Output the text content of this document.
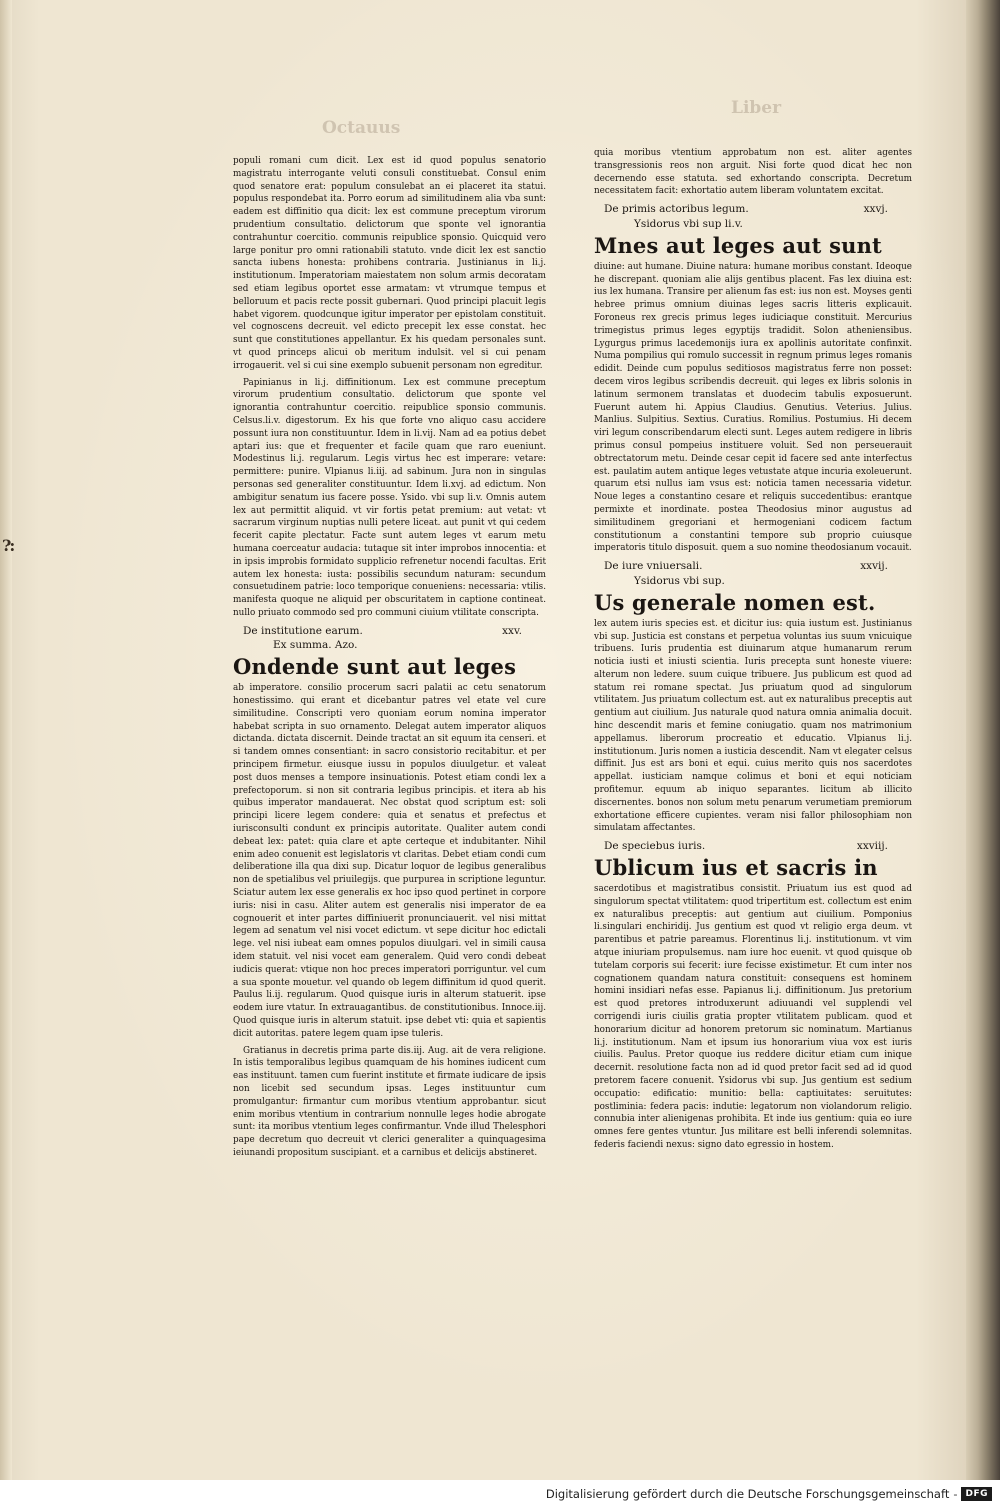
?:
Octauus
Liber

populi romani cum dicit. Lex est id quod populus senatorio magistratu interrogante veluti consuli constituebat. Consul enim quod senatore erat: populum consulebat an ei placeret ita statui. populus respondebat ita. Porro eorum ad similitudinem alia vba sunt: eadem est diffinitio qua dicit: lex est commune preceptum virorum prudentium consultatio. delictorum que sponte vel ignorantia contrahuntur coercitio. communis reipublice sponsio. Quicquid vero large ponitur pro omni rationabili statuto. vnde dicit lex est sanctio sancta iubens honesta: prohibens contraria. Justinianus in li.j. institutionum. Imperatoriam maiestatem non solum armis decoratam sed etiam legibus oportet esse armatam: vt vtrumque tempus et belloruum et pacis recte possit gubernari. Quod principi placuit legis habet vigorem. quodcunque igitur imperator per epistolam constituit. vel cognoscens decreuit. vel edicto precepit lex esse constat. hec sunt que constitutiones appellantur. Ex his quedam personales sunt. vt quod princeps alicui ob meritum indulsit. vel si cui penam irrogauerit. vel si cui sine exemplo subuenit personam non egreditur.

Papinianus in li.j. diffinitionum. Lex est commune preceptum virorum prudentium consultatio. delictorum que sponte vel ignorantia contrahuntur coercitio. reipublice sponsio communis. Celsus.li.v. digestorum. Ex his que forte vno aliquo casu accidere possunt iura non constituuntur. Idem in li.vij. Nam ad ea potius debet aptari ius: que et frequenter et facile quam que raro eueniunt. Modestinus li.j. regularum. Legis virtus hec est imperare: vetare: permittere: punire. Vlpianus li.iij. ad sabinum. Jura non in singulas personas sed generaliter constituuntur. Idem li.xvj. ad edictum. Non ambigitur senatum ius facere posse. Ysido. vbi sup li.v. Omnis autem lex aut permittit aliquid. vt vir fortis petat premium: aut vetat: vt sacrarum virginum nuptias nulli petere liceat. aut punit vt qui cedem fecerit capite plectatur. Facte sunt autem leges vt earum metu humana coerceatur audacia: tutaque sit inter improbos innocentia: et in ipsis improbis formidato supplicio refrenetur nocendi facultas. Erit autem lex honesta: iusta: possibilis secundum naturam: secundum consuetudinem patrie: loco temporique conueniens: necessaria: vtilis. manifesta quoque ne aliquid per obscuritatem in captione contineat. nullo priuato commodo sed pro communi ciuium vtilitate conscripta.

De institutione earum.	xxv.
Ex summa. Azo.
Ondende sunt aut leges

ab imperatore. consilio procerum sacri palatii ac cetu senatorum honestissimo. qui erant et dicebantur patres vel etate vel cure similitudine. Conscripti vero quoniam eorum nomina imperator habebat scripta in suo ornamento. Delegat autem imperator aliquos dictanda. dictata discernit. Deinde tractat an sit equum ita censeri. et si tandem omnes consentiant: in sacro consistorio recitabitur. et per principem firmetur. eiusque iussu in populos diuulgetur. et valeat post duos menses a tempore insinuationis. Potest etiam condi lex a prefectoporum. si non sit contraria legibus principis. et itera ab his quibus imperator mandauerat. Nec obstat quod scriptum est: soli principi licere legem condere: quia et senatus et prefectus et iurisconsulti condunt ex principis autoritate. Qualiter autem condi debeat lex: patet: quia clare et apte certeque et indubitanter. Nihil enim adeo conuenit est legislatoris vt claritas. Debet etiam condi cum deliberatione illa qua dixi sup. Dicatur loquor de legibus generalibus non de spetialibus vel priuilegijs. que purpurea in scriptione leguntur. Sciatur autem lex esse generalis ex hoc ipso quod pertinet in corpore iuris: nisi in casu. Aliter autem est generalis nisi imperator de ea cognouerit et inter partes diffiniuerit pronunciauerit. vel nisi mittat legem ad senatum vel nisi vocet edictum. vt sepe dicitur hoc edictali lege. vel nisi iubeat eam omnes populos diuulgari. vel in simili causa idem statuit. vel nisi vocet eam generalem. Quid vero condi debeat iudicis querat: vtique non hoc preces imperatori porriguntur. vel cum a sua sponte mouetur. vel quando ob legem diffinitum id quod querit. Paulus li.ij. regularum. Quod quisque iuris in alterum statuerit. ipse eodem iure vtatur. In extrauagantibus. de constitutionibus. Innoce.iij. Quod quisque iuris in alterum statuit. ipse debet vti: quia et sapientis dicit autoritas. patere legem quam ipse tuleris.

Gratianus in decretis prima parte dis.iij. Aug. ait de vera religione. In istis temporalibus legibus quamquam de his homines iudicent cum eas instituunt. tamen cum fuerint institute et firmate iudicare de ipsis non licebit sed secundum ipsas. Leges instituuntur cum promulgantur: firmantur cum moribus vtentium approbantur. sicut enim moribus vtentium in contrarium nonnulle leges hodie abrogate sunt: ita moribus vtentium leges confirmantur. Vnde illud Thelesphori pape decretum quo decreuit vt clerici generaliter a quinquagesima ieiunandi propositum suscipiant. et a carnibus et delicijs abstineret.

quia moribus vtentium approbatum non est. aliter agentes transgressionis reos non arguit. Nisi forte quod dicat hec non decernendo esse statuta. sed exhortando conscripta. Decretum necessitatem facit: exhortatio autem liberam voluntatem excitat.

De primis actoribus legum.	xxvj.
Ysidorus vbi sup li.v.
Mnes aut leges aut sunt

diuine: aut humane. Diuine natura: humane moribus constant. Ideoque he discrepant. quoniam alie alijs gentibus placent. Fas lex diuina est: ius lex humana. Transire per alienum fas est: ius non est. Moyses genti hebree primus omnium diuinas leges sacris litteris explicauit. Foroneus rex grecis primus leges iudiciaque constituit. Mercurius trimegistus primus leges egyptijs tradidit. Solon atheniensibus. Lygurgus primus lacedemonijs iura ex apollinis autoritate confinxit. Numa pompilius qui romulo successit in regnum primus leges romanis edidit. Deinde cum populus seditiosos magistratus ferre non posset: decem viros legibus scribendis decreuit. qui leges ex libris solonis in latinum sermonem translatas et duodecim tabulis exposuerunt. Fuerunt autem hi. Appius Claudius. Genutius. Veterius. Julius. Manlius. Sulpitius. Sextius. Curatius. Romilius. Postumius. Hi decem viri legum conscribendarum electi sunt. Leges autem redigere in libris primus consul pompeius instituere voluit. Sed non perseuerauit obtrectatorum metu. Deinde cesar cepit id facere sed ante interfectus est. paulatim autem antique leges vetustate atque incuria exoleuerunt. quarum etsi nullus iam vsus est: noticia tamen necessaria videtur. Noue leges a constantino cesare et reliquis succedentibus: erantque permixte et inordinate. postea Theodosius minor augustus ad similitudinem gregoriani et hermogeniani codicem factum constitutionum a constantini tempore sub proprio cuiusque imperatoris titulo disposuit. quem a suo nomine theodosianum vocauit.

De iure vniuersali.	xxvij.
Ysidorus vbi sup.
Us generale nomen est.

lex autem iuris species est. et dicitur ius: quia iustum est. Justinianus vbi sup. Justicia est constans et perpetua voluntas ius suum vnicuique tribuens. Iuris prudentia est diuinarum atque humanarum rerum noticia iusti et iniusti scientia. Iuris precepta sunt honeste viuere: alterum non ledere. suum cuique tribuere. Jus publicum est quod ad statum rei romane spectat. Jus priuatum quod ad singulorum vtilitatem. Jus priuatum collectum est. aut ex naturalibus preceptis aut gentium aut ciuilium. Jus naturale quod natura omnia animalia docuit. hinc descendit maris et femine coniugatio. quam nos matrimonium appellamus. liberorum procreatio et educatio. Vlpianus li.j. institutionum. Juris nomen a iusticia descendit. Nam vt elegater celsus diffinit. Jus est ars boni et equi. cuius merito quis nos sacerdotes appellat. iusticiam namque colimus et boni et equi noticiam profitemur. equum ab iniquo separantes. licitum ab illicito discernentes. bonos non solum metu penarum verumetiam premiorum exhortatione efficere cupientes. veram nisi fallor philosophiam non simulatam affectantes.

De speciebus iuris.	xxviij.
Ublicum ius et sacris in

sacerdotibus et magistratibus consistit. Priuatum ius est quod ad singulorum spectat vtilitatem: quod tripertitum est. collectum est enim ex naturalibus preceptis: aut gentium aut ciuilium. Pomponius li.singulari enchiridij. Jus gentium est quod vt religio erga deum. vt parentibus et patrie pareamus. Florentinus li.j. institutionum. vt vim atque iniuriam propulsemus. nam iure hoc euenit. vt quod quisque ob tutelam corporis sui fecerit: iure fecisse existimetur. Et cum inter nos cognationem quandam natura constituit: consequens est hominem homini insidiari nefas esse. Papianus li.j. diffinitionum. Jus pretorium est quod pretores introduxerunt adiuuandi vel supplendi vel corrigendi iuris ciuilis gratia propter vtilitatem publicam. quod et honorarium dicitur ad honorem pretorum sic nominatum. Martianus li.j. institutionum. Nam et ipsum ius honorarium viua vox est iuris ciuilis. Paulus. Pretor quoque ius reddere dicitur etiam cum inique decernit. resolutione facta non ad id quod pretor facit sed ad id quod pretorem facere conuenit. Ysidorus vbi sup. Jus gentium est sedium occupatio: edificatio: munitio: bella: captiuitates: seruitutes: postliminia: federa pacis: indutie: legatorum non violandorum religio. connubia inter alienigenas prohibita. Et inde ius gentium: quia eo iure omnes fere gentes vtuntur. Jus militare est belli inferendi solemnitas. federis faciendi nexus: signo dato egressio in hostem.

Digitalisierung gefördert durch die Deutsche Forschungsgemeinschaft - DFG
